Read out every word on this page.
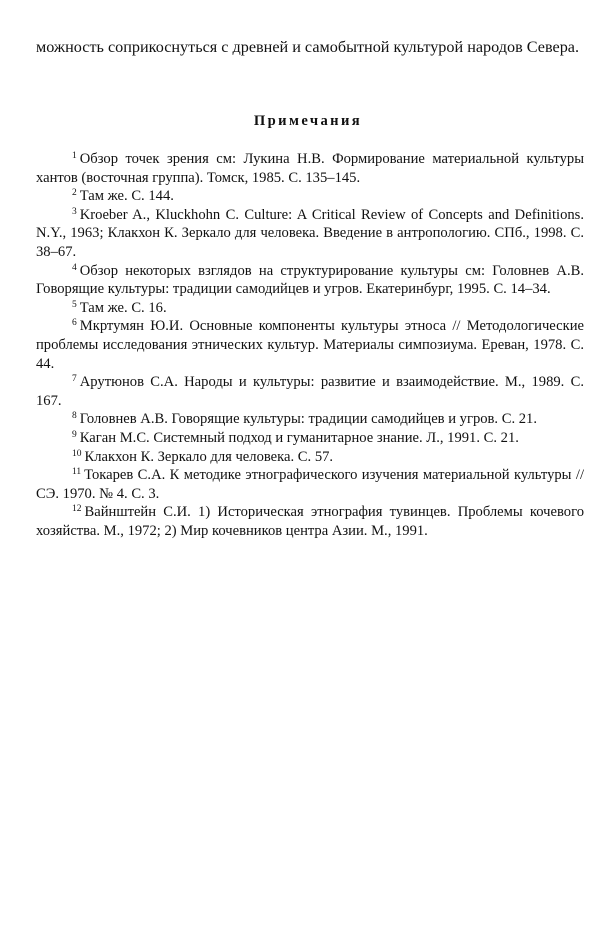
можность соприкоснуться с древней и самобытной культурой народов Севера.

Примечания
$^1$ Обзор точек зрения см: Лукина Н.В. Формирование материальной культуры хантов (восточная группа). Томск, 1985. С. 135–145.
$^2$ Там же. С. 144.
$^3$ Kroeber A., Kluckhohn C. Culture: A Critical Review of Concepts and Definitions. N.Y., 1963; Клакхон К. Зеркало для человека. Введение в антропологию. СПб., 1998. С. 38–67.
$^4$ Обзор некоторых взглядов на структурирование культуры см: Головнев А.В. Говорящие культуры: традиции самодийцев и угров. Екатеринбург, 1995. С. 14–34.
$^5$ Там же. С. 16.
$^6$ Мкртумян Ю.И. Основные компоненты культуры этноса // Методологические проблемы исследования этнических культур. Материалы симпозиума. Ереван, 1978. С. 44.
$^7$ Арутюнов С.А. Народы и культуры: развитие и взаимодействие. М., 1989. С. 167.
$^8$ Головнев А.В. Говорящие культуры: традиции самодийцев и угров. С. 21.
$^9$ Каган М.С. Системный подход и гуманитарное знание. Л., 1991. С. 21.
$^{10}$ Клакхон К. Зеркало для человека. С. 57.
$^{11}$ Токарев С.А. К методике этнографического изучения материальной культуры // СЭ. 1970. № 4. С. 3.
$^{12}$ Вайнштейн С.И. 1) Историческая этнография тувинцев. Проблемы кочевого хозяйства. М., 1972; 2) Мир кочевников центра Азии. М., 1991.
